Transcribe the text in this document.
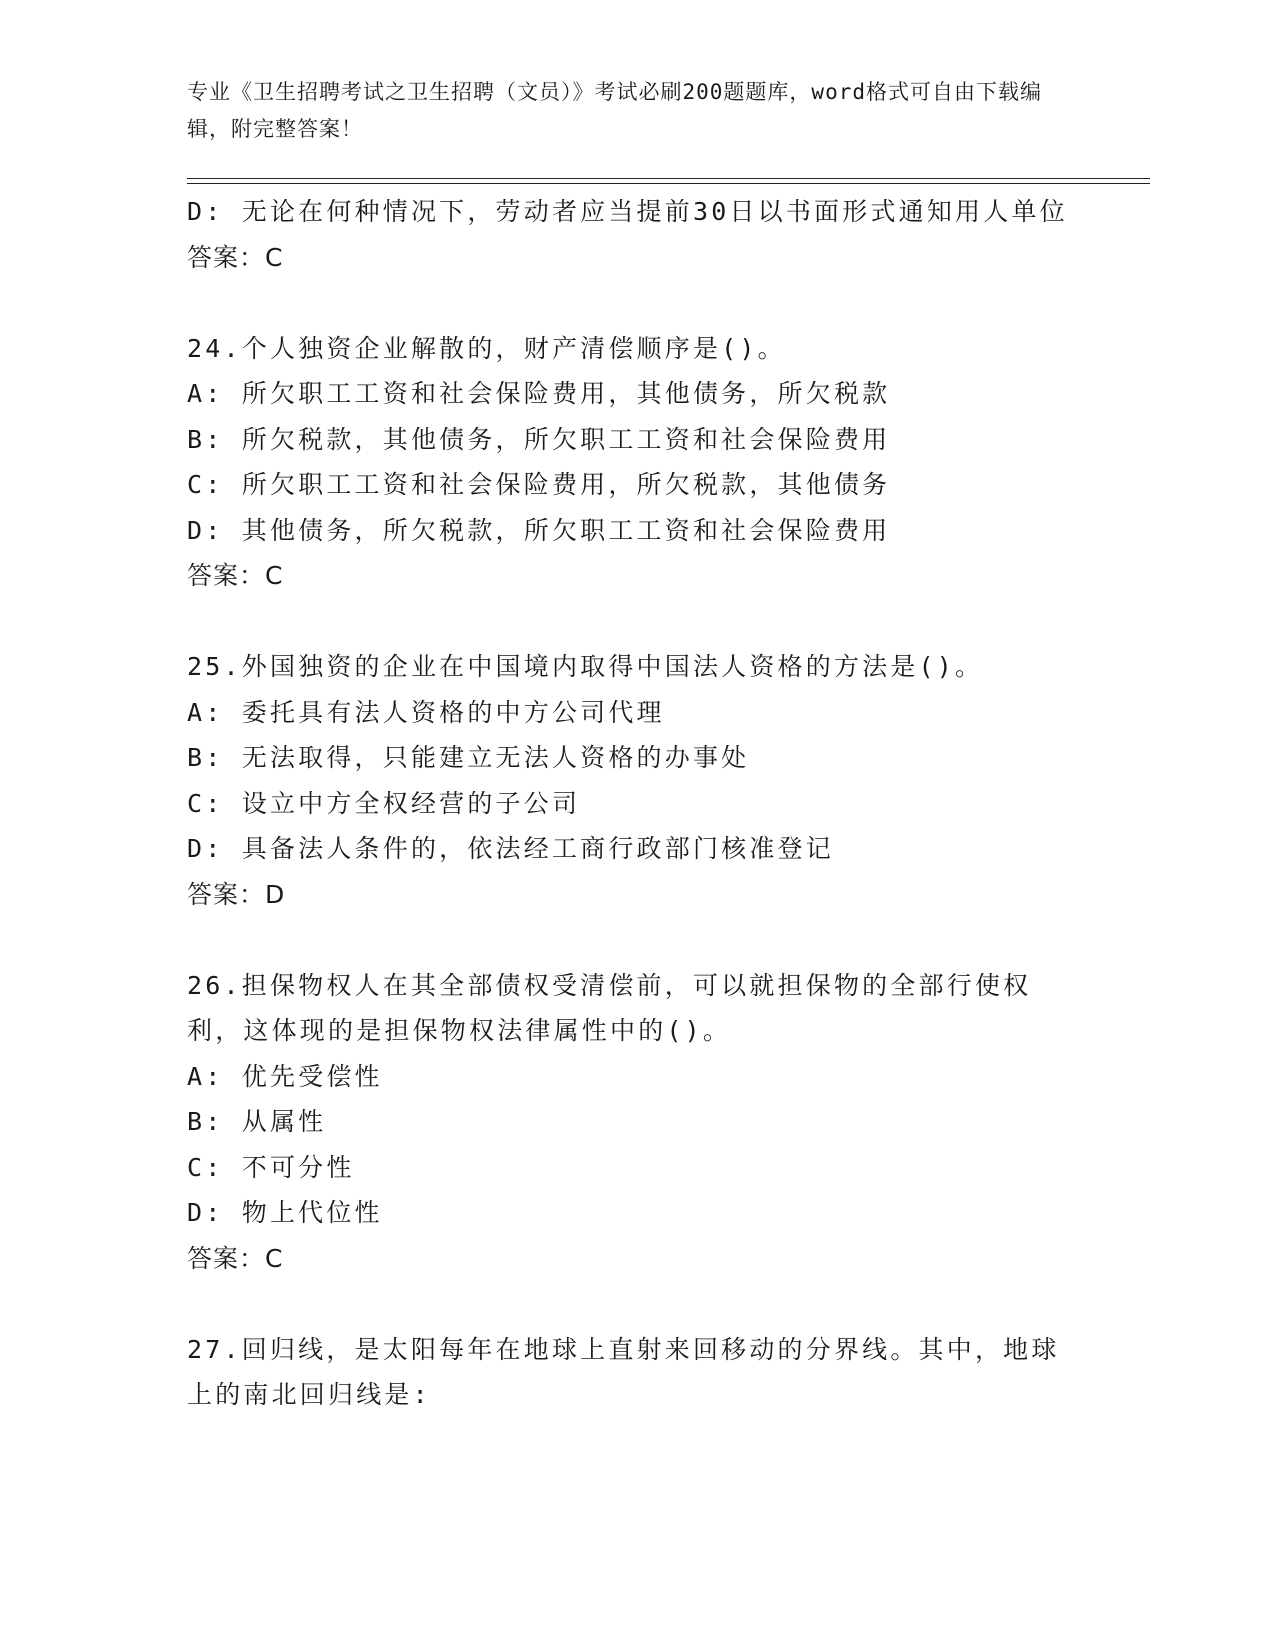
专业《卫生招聘考试之卫生招聘（文员）》考试必刷200题题库，word格式可自由下载编辑，附完整答案！
D: 无论在何种情况下，劳动者应当提前30日以书面形式通知用人单位
答案：C
24.个人独资企业解散的，财产清偿顺序是()。
A: 所欠职工工资和社会保险费用，其他债务，所欠税款
B: 所欠税款，其他债务，所欠职工工资和社会保险费用
C: 所欠职工工资和社会保险费用，所欠税款，其他债务
D: 其他债务，所欠税款，所欠职工工资和社会保险费用
答案：C
25.外国独资的企业在中国境内取得中国法人资格的方法是()。
A: 委托具有法人资格的中方公司代理
B: 无法取得，只能建立无法人资格的办事处
C: 设立中方全权经营的子公司
D: 具备法人条件的，依法经工商行政部门核准登记
答案：D
26.担保物权人在其全部债权受清偿前，可以就担保物的全部行使权利，这体现的是担保物权法律属性中的()。
A: 优先受偿性
B: 从属性
C: 不可分性
D: 物上代位性
答案：C
27.回归线，是太阳每年在地球上直射来回移动的分界线。其中，地球上的南北回归线是:
